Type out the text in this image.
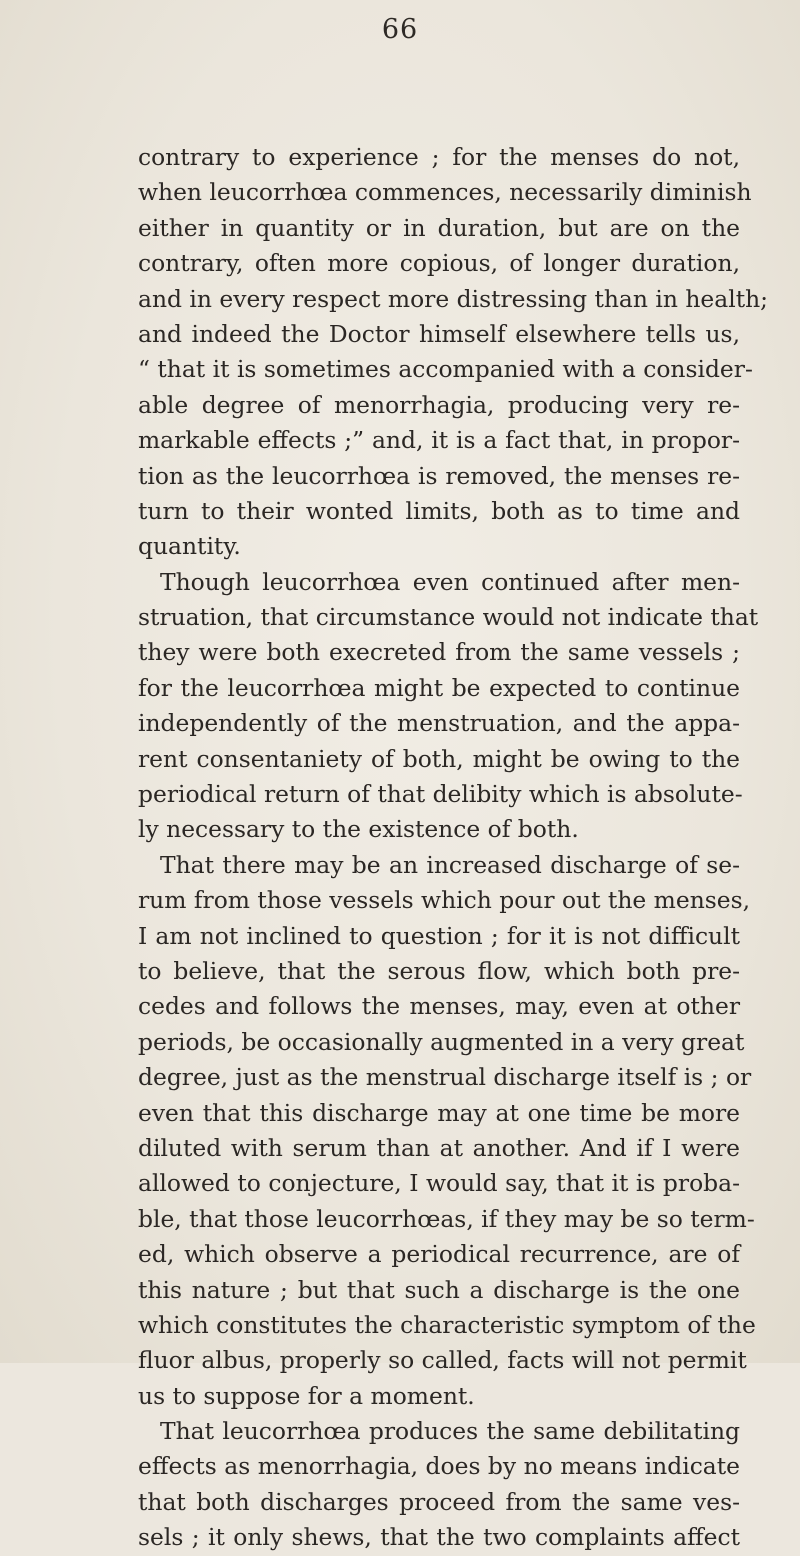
66
contrary to experience ; for the menses do not,
when leucorrhœa commences, necessarily diminish
either in quantity or in duration, but are on the
contrary, often more copious, of longer duration,
and in every respect more distressing than in health;
and indeed the Doctor himself elsewhere tells us,
“ that it is sometimes accompanied with a consider-
able degree of menorrhagia, producing very re-
markable effects ;” and, it is a fact that, in propor-
tion as the leucorrhœa is removed, the menses re-
turn to their wonted limits, both as to time and
quantity.
Though leucorrhœa even continued after men-
struation, that circumstance would not indicate that
they were both execreted from the same vessels ;
for the leucorrhœa might be expected to continue
independently of the menstruation, and the appa-
rent consentaniety of both, might be owing to the
periodical return of that delibity which is absolute-
ly necessary to the existence of both.
That there may be an increased discharge of se-
rum from those vessels which pour out the menses,
I am not inclined to question ; for it is not difficult
to believe, that the serous flow, which both pre-
cedes and follows the menses, may, even at other
periods, be occasionally augmented in a very great
degree, just as the menstrual discharge itself is ; or
even that this discharge may at one time be more
diluted with serum than at another. And if I were
allowed to conjecture, I would say, that it is proba-
ble, that those leucorrhœas, if they may be so term-
ed, which observe a periodical recurrence, are of
this nature ; but that such a discharge is the one
which constitutes the characteristic symptom of the
fluor albus, properly so called, facts will not permit
us to suppose for a moment.
That leucorrhœa produces the same debilitating
effects as menorrhagia, does by no means indicate
that both discharges proceed from the same ves-
sels ; it only shews, that the two complaints affect
